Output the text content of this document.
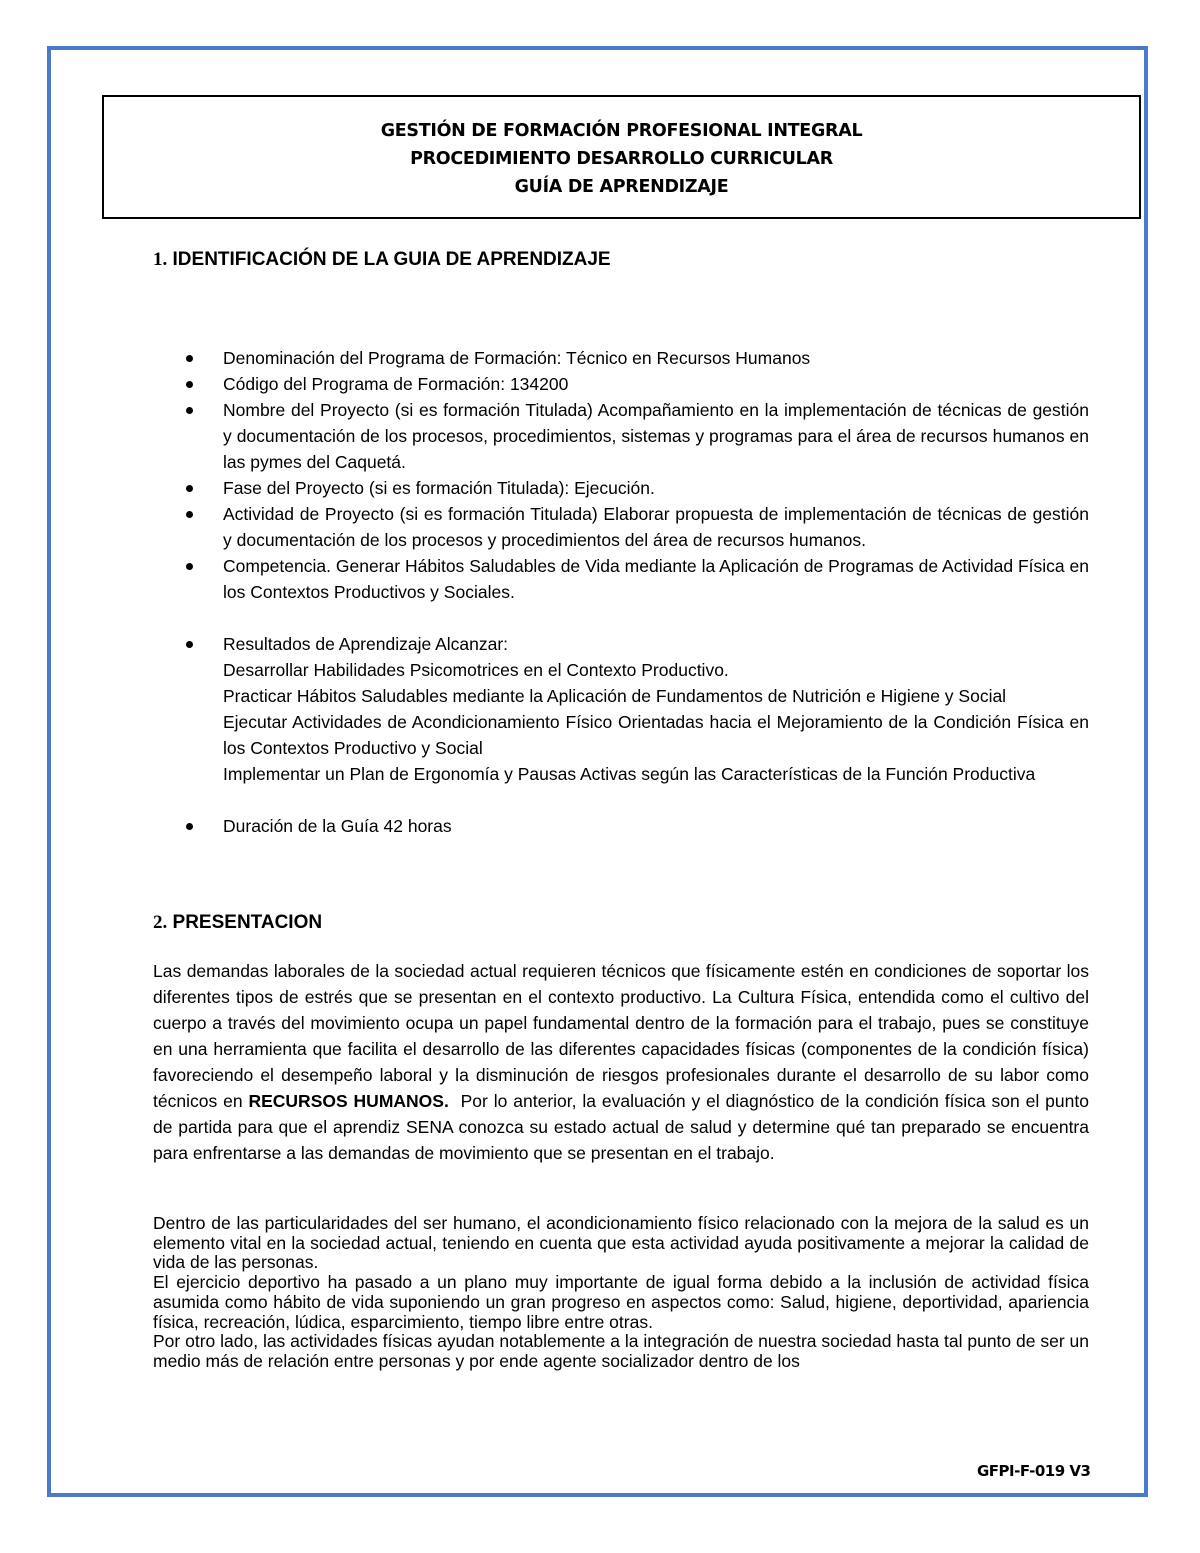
GESTIÓN DE FORMACIÓN PROFESIONAL INTEGRAL
PROCEDIMIENTO DESARROLLO CURRICULAR
GUÍA DE APRENDIZAJE
1. IDENTIFICACIÓN DE LA GUIA DE APRENDIZAJE
Denominación del Programa de Formación: Técnico en Recursos Humanos
Código del Programa de Formación: 134200
Nombre del Proyecto (si es formación Titulada) Acompañamiento en la implementación de técnicas de gestión y documentación de los procesos, procedimientos, sistemas y programas para el área de recursos humanos en las pymes del Caquetá.
Fase del Proyecto (si es formación Titulada): Ejecución.
Actividad de Proyecto (si es formación Titulada) Elaborar propuesta de implementación de técnicas de gestión y documentación de los procesos y procedimientos del área de recursos humanos.
Competencia. Generar Hábitos Saludables de Vida mediante la Aplicación de Programas de Actividad Física en los Contextos Productivos y Sociales.
Resultados de Aprendizaje Alcanzar:
Desarrollar Habilidades Psicomotrices en el Contexto Productivo.
Practicar Hábitos Saludables mediante la Aplicación de Fundamentos de Nutrición e Higiene y Social
Ejecutar Actividades de Acondicionamiento Físico Orientadas hacia el Mejoramiento de la Condición Física en los Contextos Productivo y Social
Implementar un Plan de Ergonomía y Pausas Activas según las Características de la Función Productiva
Duración de la Guía 42 horas
2. PRESENTACION

Las demandas laborales de la sociedad actual requieren técnicos que físicamente estén en condiciones de soportar los diferentes tipos de estrés que se presentan en el contexto productivo. La Cultura Física, entendida como el cultivo del cuerpo a través del movimiento ocupa un papel fundamental dentro de la formación para el trabajo, pues se constituye en una herramienta que facilita el desarrollo de las diferentes capacidades físicas (componentes de la condición física) favoreciendo el desempeño laboral y la disminución de riesgos profesionales durante el desarrollo de su labor como técnicos en RECURSOS HUMANOS. Por lo anterior, la evaluación y el diagnóstico de la condición física son el punto de partida para que el aprendiz SENA conozca su estado actual de salud y determine qué tan preparado se encuentra para enfrentarse a las demandas de movimiento que se presentan en el trabajo.

Dentro de las particularidades del ser humano, el acondicionamiento físico relacionado con la mejora de la salud es un elemento vital en la sociedad actual, teniendo en cuenta que esta actividad ayuda positivamente a mejorar la calidad de vida de las personas.

El ejercicio deportivo ha pasado a un plano muy importante de igual forma debido a la inclusión de actividad física asumida como hábito de vida suponiendo un gran progreso en aspectos como: Salud, higiene, deportividad, apariencia física, recreación, lúdica, esparcimiento, tiempo libre entre otras.

Por otro lado, las actividades físicas ayudan notablemente a la integración de nuestra sociedad hasta tal punto de ser un medio más de relación entre personas y por ende agente socializador dentro de los

GFPI-F-019 V3
